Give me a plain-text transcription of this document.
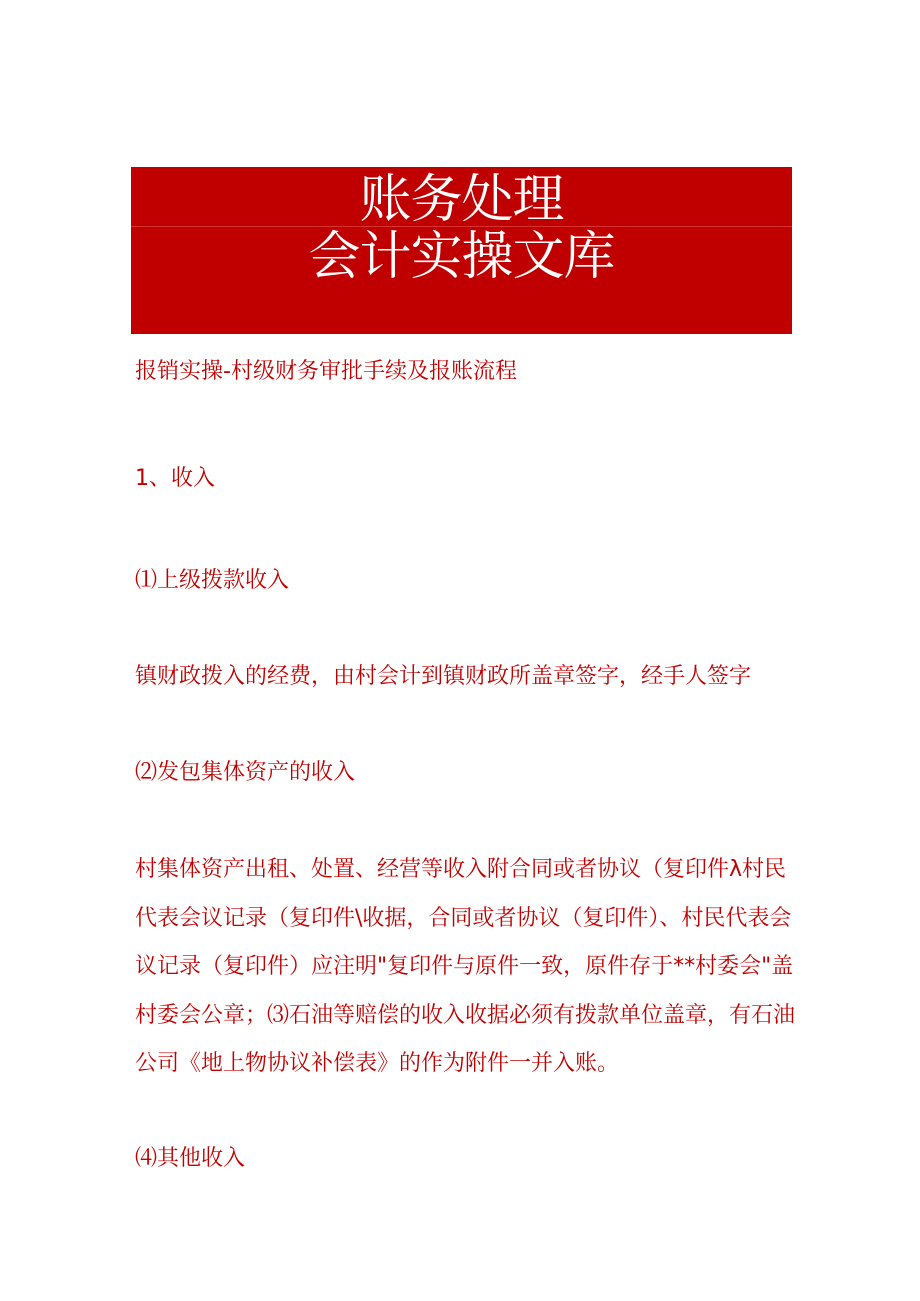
账务处理
会计实操文库

报销实操-村级财务审批手续及报账流程

1、收入

⑴上级拨款收入

镇财政拨入的经费，由村会计到镇财政所盖章签字，经手人签字

⑵发包集体资产的收入

村集体资产出租、处置、经营等收入附合同或者协议（复印件λ村民代表会议记录（复印件\收据，合同或者协议（复印件）、村民代表会议记录（复印件）应注明"复印件与原件一致，原件存于**村委会"盖村委会公章；⑶石油等赔偿的收入收据必须有拨款单位盖章，有石油公司《地上物协议补偿表》的作为附件一并入账。

⑷其他收入
